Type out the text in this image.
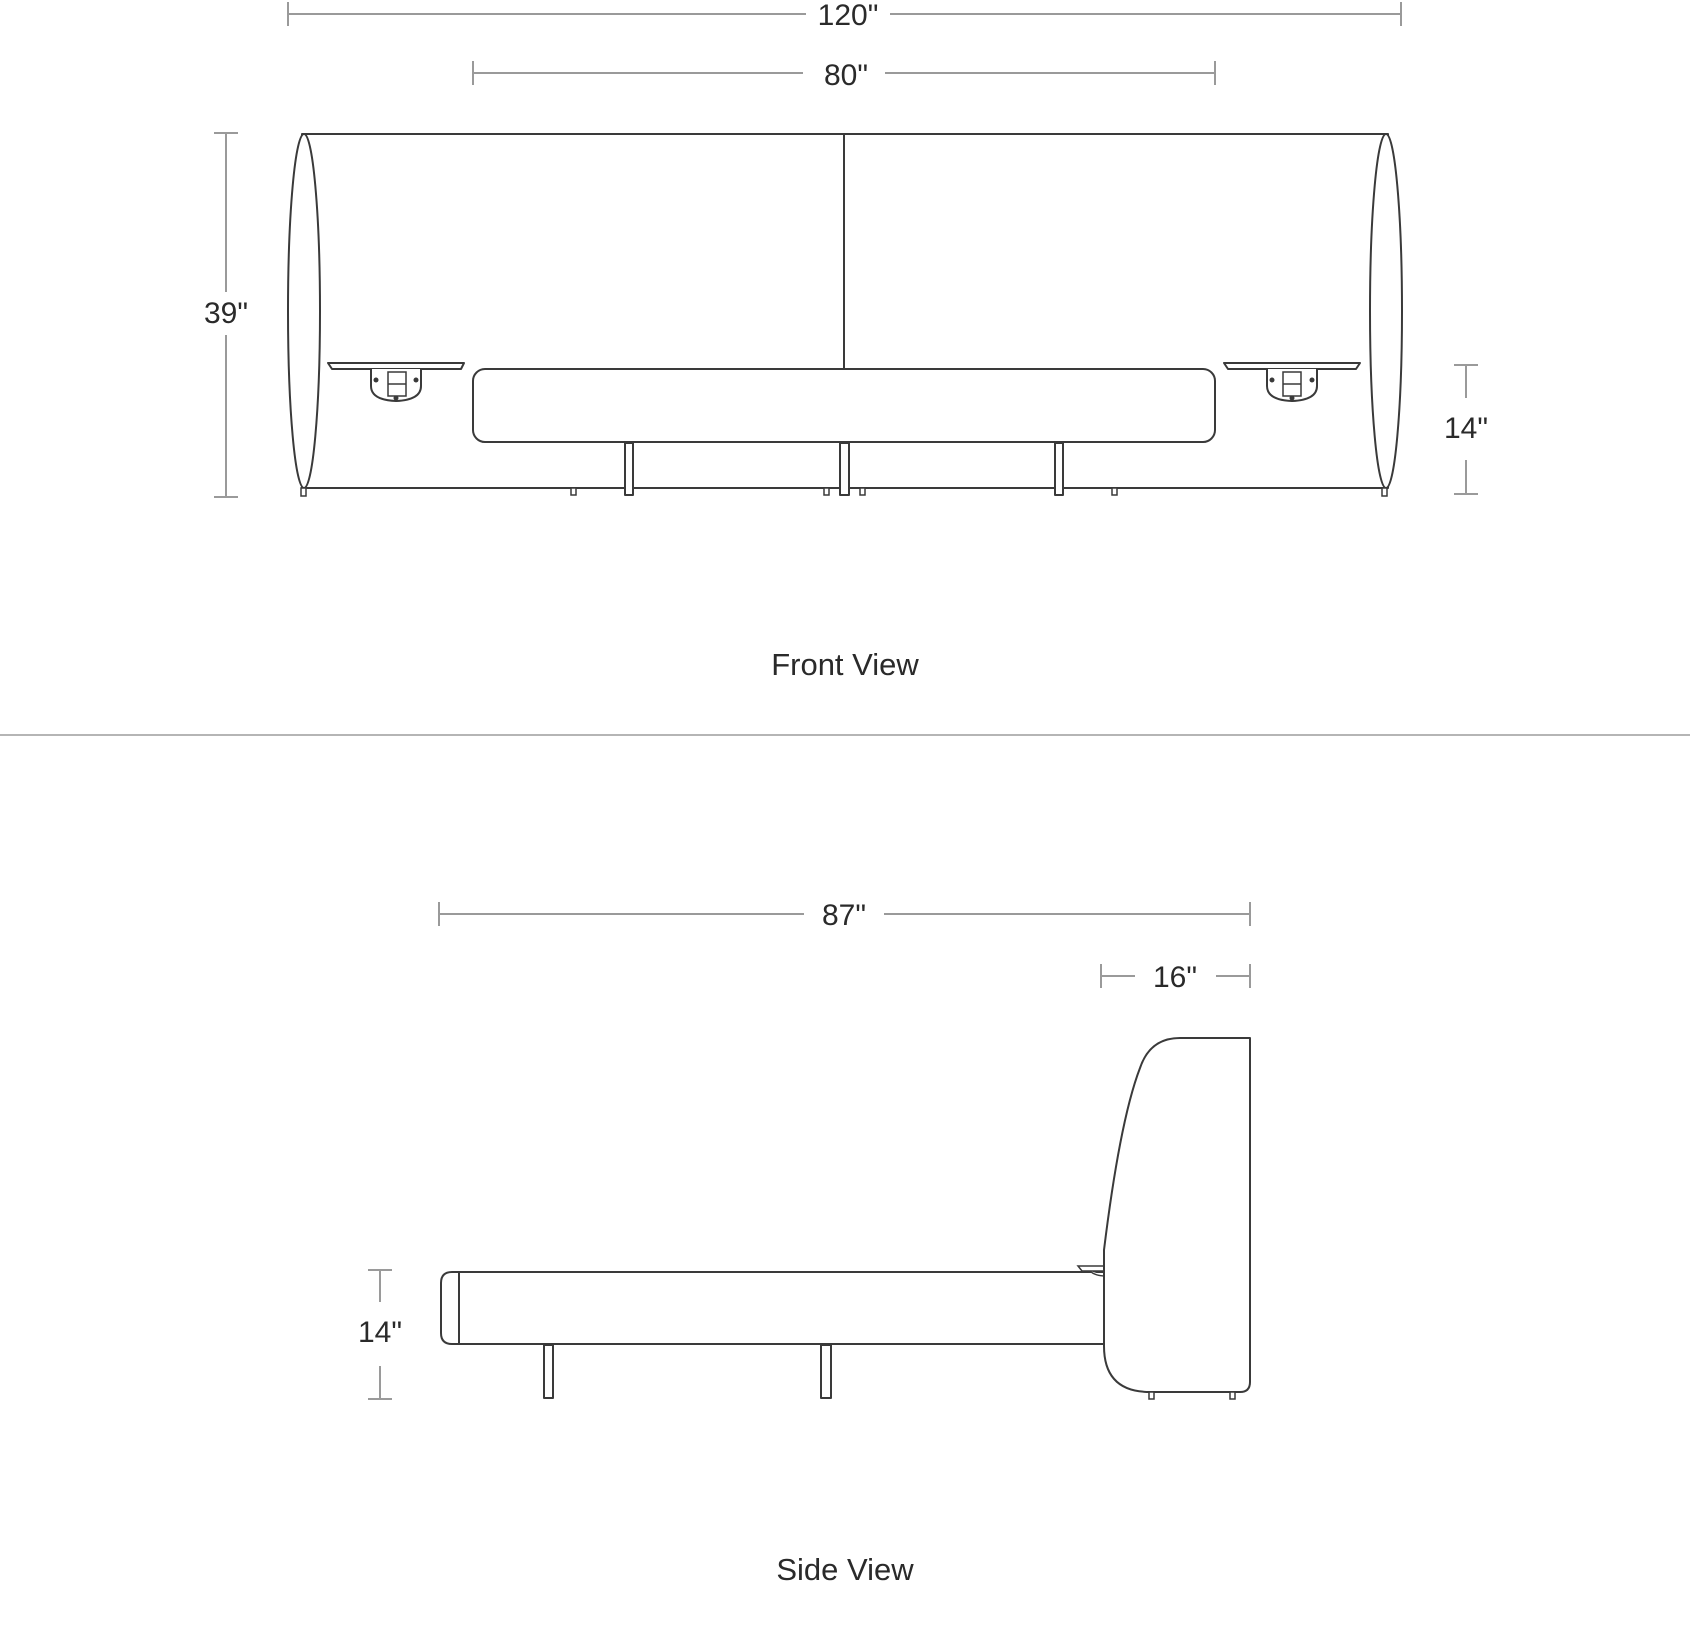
120"
80"
39"
14"
Front View
87"
16"
14"
Side View
